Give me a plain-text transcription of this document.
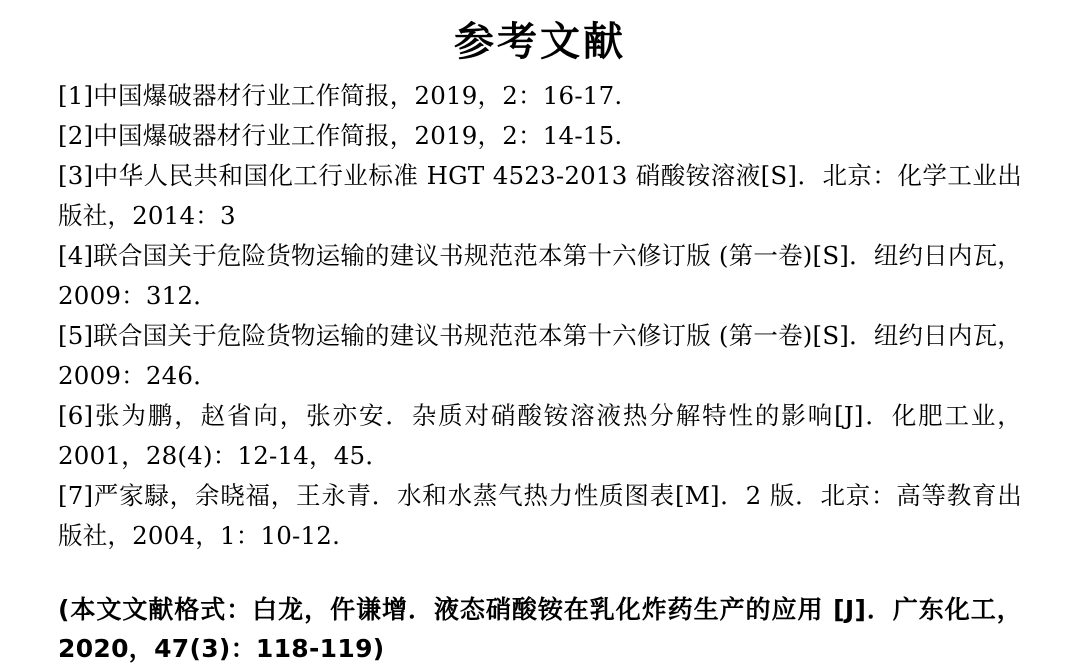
参考文献
[1]中国爆破器材行业工作简报，2019，2：16-17.
[2]中国爆破器材行业工作简报，2019，2：14-15.
[3]中华人民共和国化工行业标准 HGT 4523-2013 硝酸铵溶液[S]．北京：化学工业出版社，2014：3
[4]联合国关于危险货物运输的建议书规范范本第十六修订版 (第一卷)[S]．纽约日内瓦，2009：312．
[5]联合国关于危险货物运输的建议书规范范本第十六修订版 (第一卷)[S]．纽约日内瓦，2009：246．
[6]张为鹏，赵省向，张亦安．杂质对硝酸铵溶液热分解特性的影响[J]．化肥工业，2001，28(4)：12-14，45．
[7]严家騄，余晓福，王永青．水和水蒸气热力性质图表[M]．2 版．北京：高等教育出版社，2004，1：10-12.
(本文文献格式：白龙，仵谦增．液态硝酸铵在乳化炸药生产的应用 [J]．广东化工，2020，47(3)：118-119)
